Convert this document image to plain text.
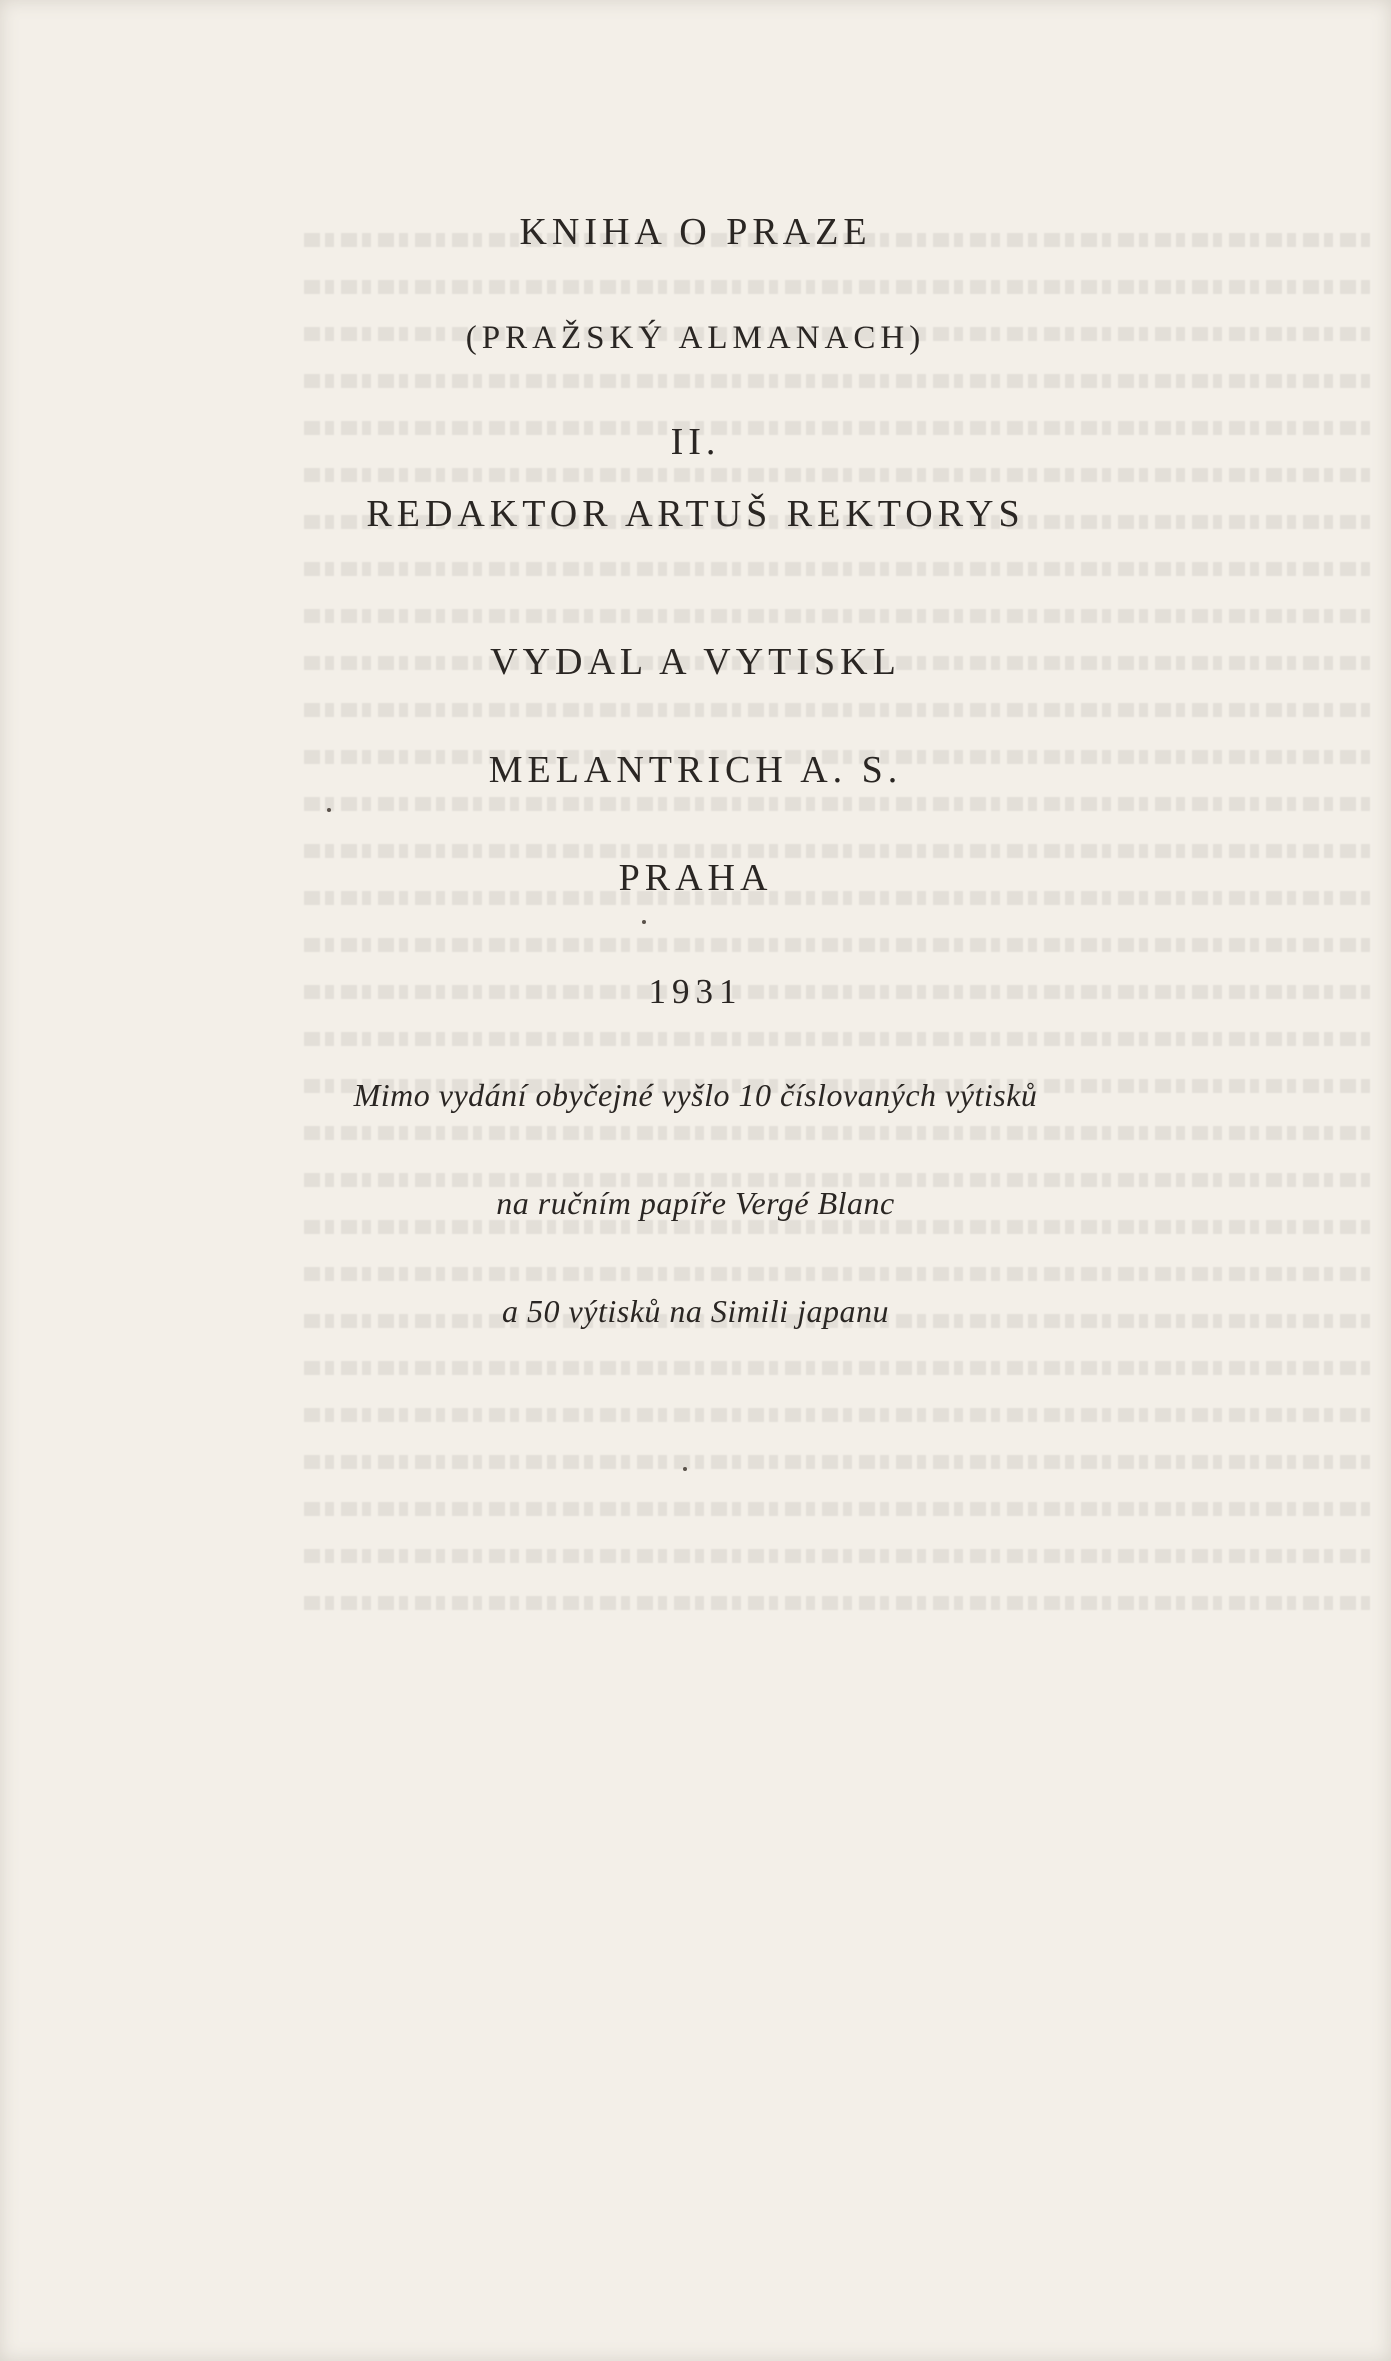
KNIHA O PRAZE
(PRAŽSKÝ ALMANACH)
II.
REDAKTOR ARTUŠ REKTORYS
VYDAL A VYTISKL
MELANTRICH A. S.
PRAHA
1931
Mimo vydání obyčejné vyšlo 10 číslovaných výtisků
na ručním papíře Vergé Blanc
a 50 výtisků na Simili japanu
